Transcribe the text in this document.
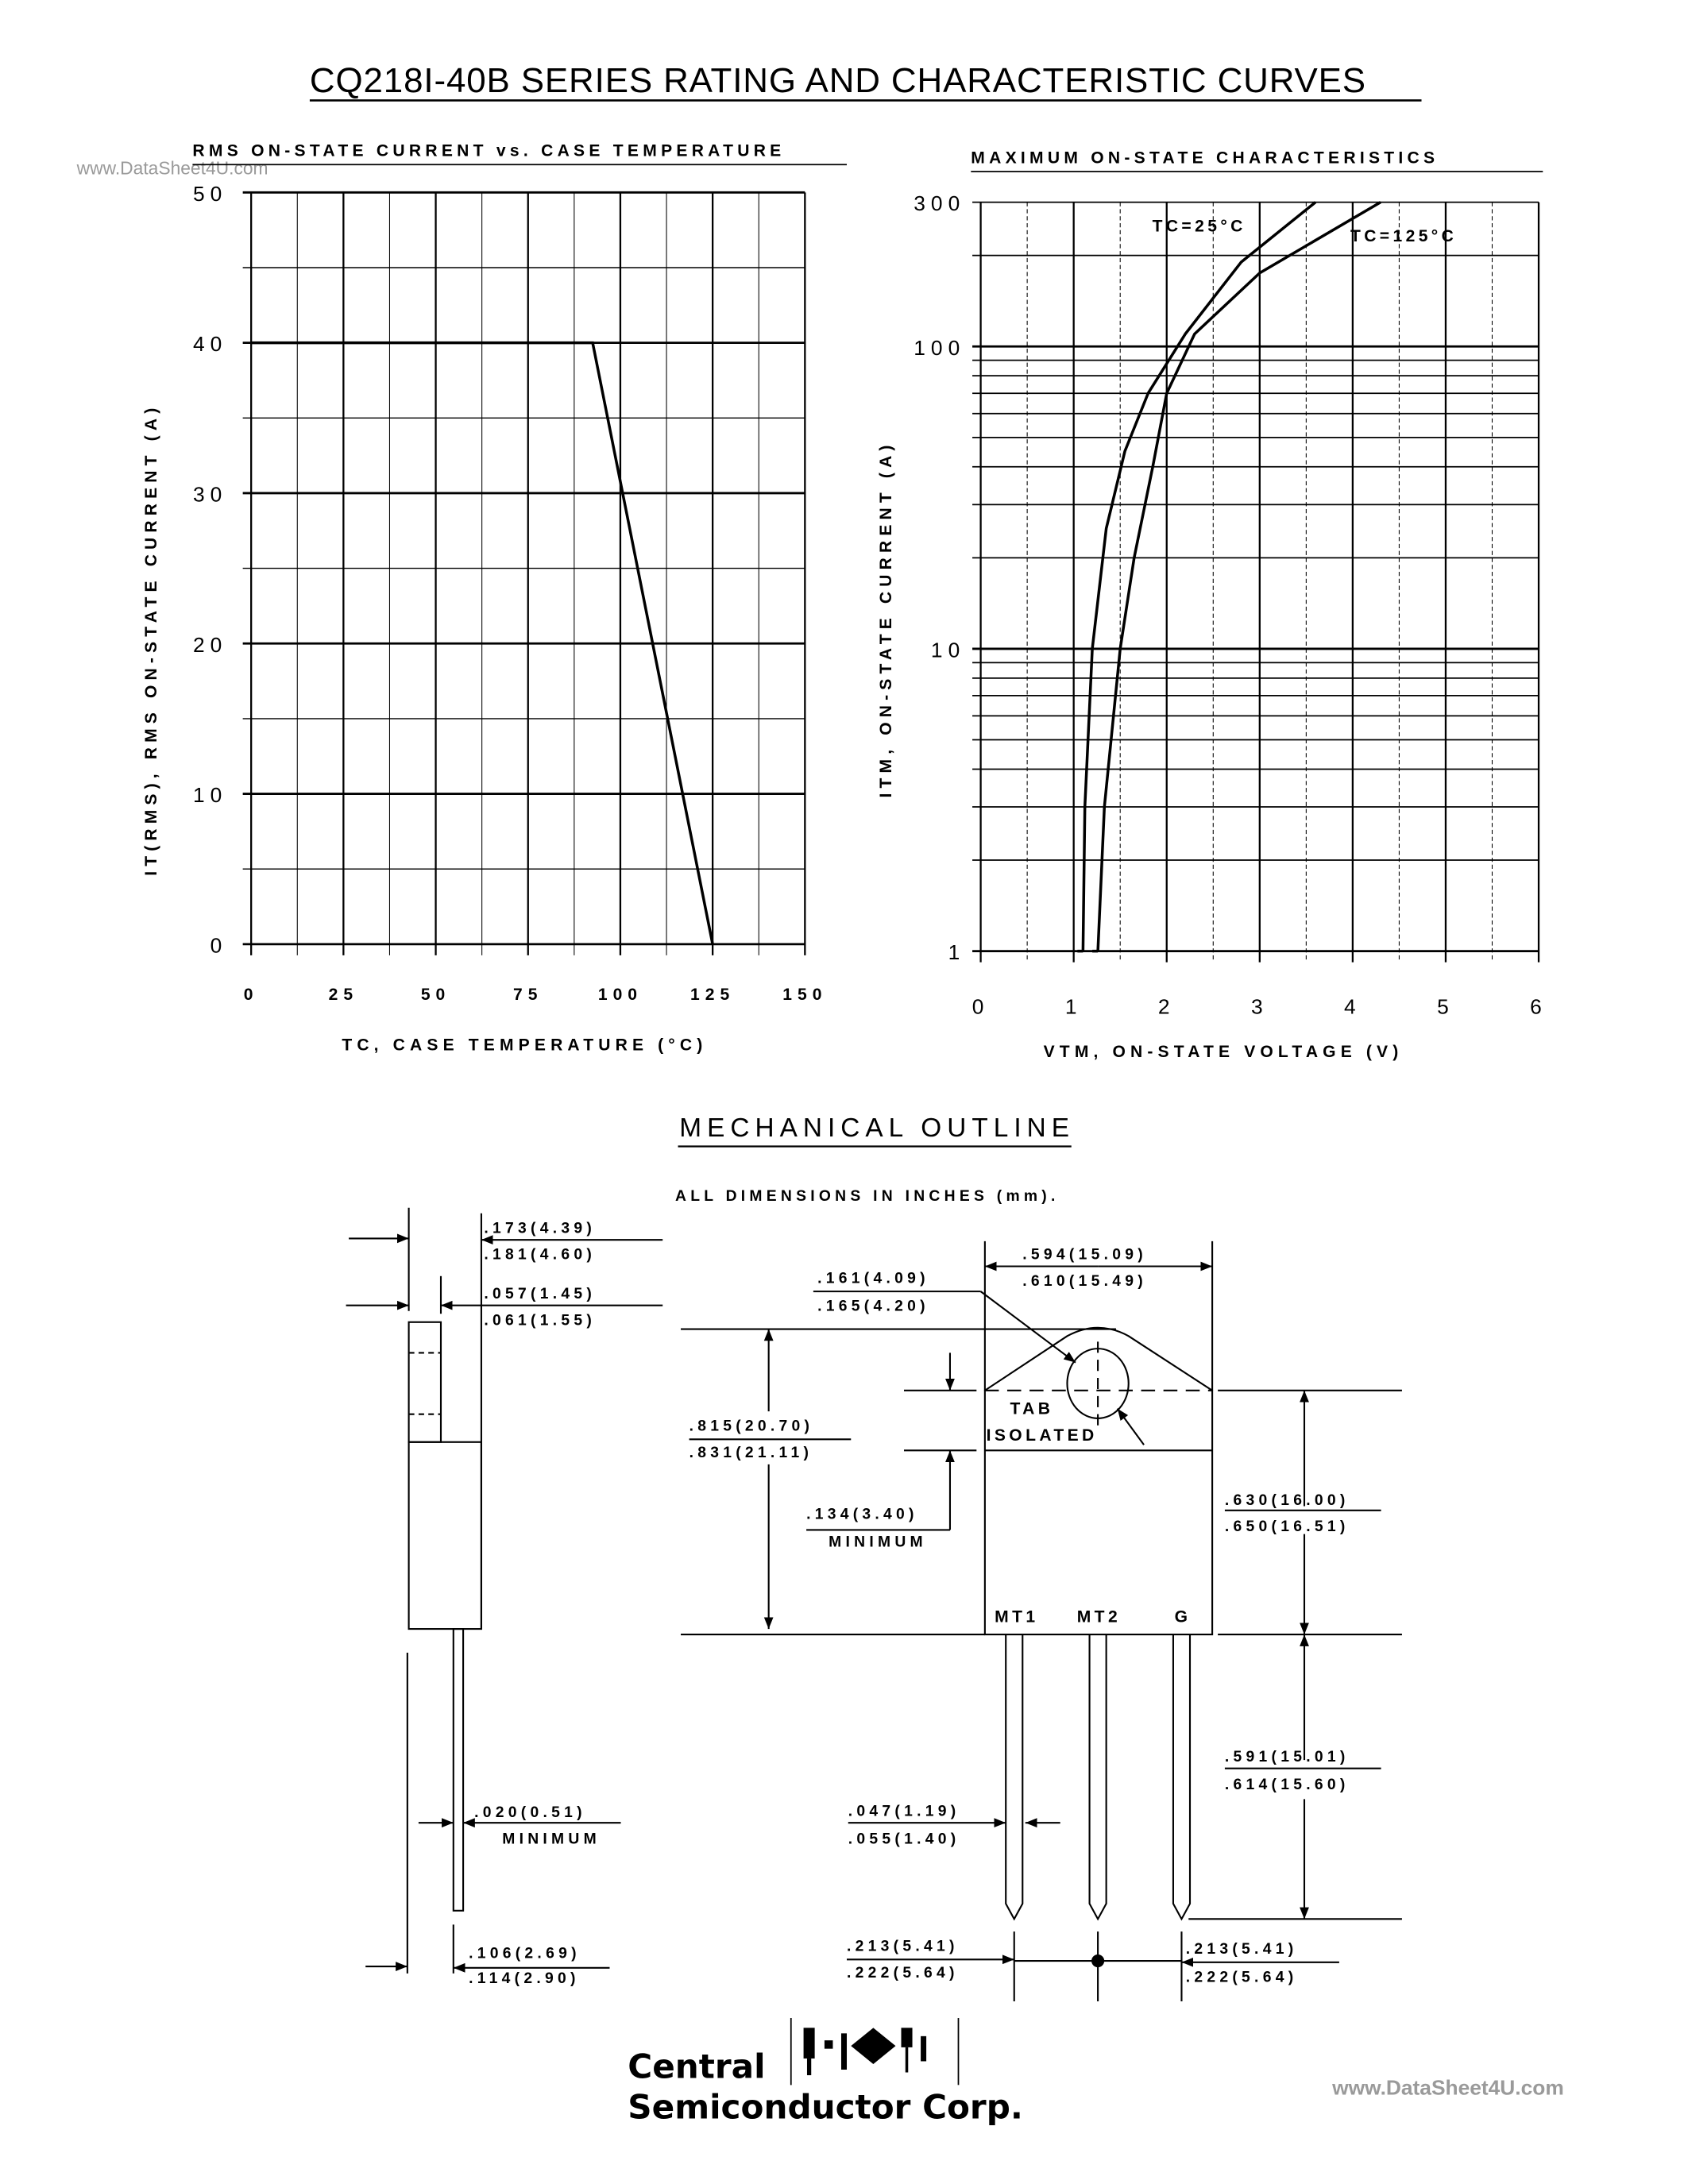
CQ218I-40B SERIES RATING AND CHARACTERISTIC CURVES
www.DataSheet4U.com
RMS ON-STATE CURRENT vs. CASE TEMPERATURE
TC, CASE TEMPERATURE (°C)
IT(RMS), RMS ON-STATE CURRENT (A)
0	25	50	75	100	125	150
0
10
20
30
40
50
MAXIMUM ON-STATE CHARACTERISTICS
VTM, ON-STATE VOLTAGE (V)
ITM, ON-STATE CURRENT (A)
TC=25°C
TC=125°C
0	1	2	3	4	5	6
1
10
100
300
MECHANICAL OUTLINE
ALL DIMENSIONS IN INCHES (mm).
TAB
ISOLATED
MT1	MT2	G
.173(4.39)
.181(4.60)
.057(1.45)
.061(1.55)
.594(15.09)
.610(15.49)
.161(4.09)
.165(4.20)
.815(20.70)
.831(21.11)
.134(3.40)
MINIMUM
.630(16.00)
.650(16.51)
.591(15.01)
.614(15.60)
.020(0.51)
MINIMUM
.047(1.19)
.055(1.40)
.106(2.69)
.114(2.90)
.213(5.41)
.222(5.64)
.213(5.41)
.222(5.64)
Central
Semiconductor Corp.	www.DataSheet4U.com
